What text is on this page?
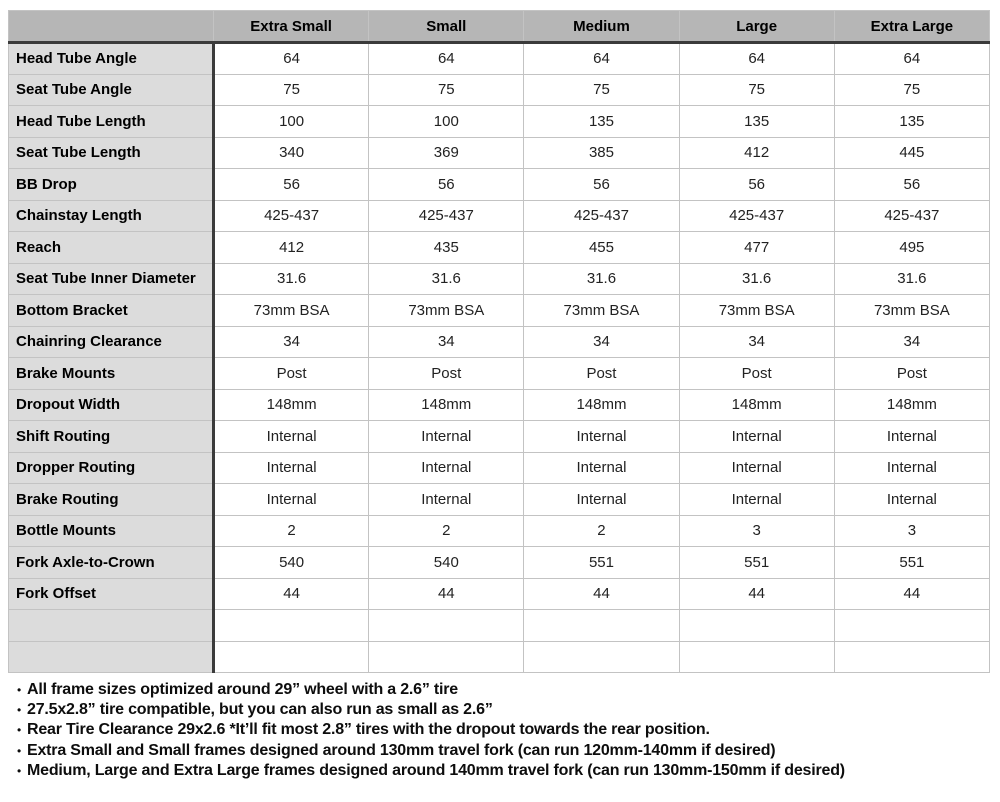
	Extra Small	Small	Medium	Large	Extra Large
Head Tube Angle	64	64	64	64	64
Seat Tube Angle	75	75	75	75	75
Head Tube Length	100	100	135	135	135
Seat Tube Length	340	369	385	412	445
BB Drop	56	56	56	56	56
Chainstay Length	425-437	425-437	425-437	425-437	425-437
Reach	412	435	455	477	495
Seat Tube Inner Diameter	31.6	31.6	31.6	31.6	31.6
Bottom Bracket	73mm BSA	73mm BSA	73mm BSA	73mm BSA	73mm BSA
Chainring Clearance	34	34	34	34	34
Brake Mounts	Post	Post	Post	Post	Post
Dropout Width	148mm	148mm	148mm	148mm	148mm
Shift Routing	Internal	Internal	Internal	Internal	Internal
Dropper Routing	Internal	Internal	Internal	Internal	Internal
Brake Routing	Internal	Internal	Internal	Internal	Internal
Bottle Mounts	2	2	2	3	3
Fork Axle-to-Crown	540	540	551	551	551
Fork Offset	44	44	44	44	44

• All frame sizes optimized around 29” wheel with a 2.6” tire
• 27.5x2.8” tire compatible, but you can also run as small as 2.6”
• Rear Tire Clearance 29x2.6 *It’ll fit most 2.8” tires with the dropout towards the rear position.
• Extra Small and Small frames designed around 130mm travel fork (can run 120mm-140mm if desired)
• Medium, Large and Extra Large frames designed around 140mm travel fork (can run 130mm-150mm if desired)
